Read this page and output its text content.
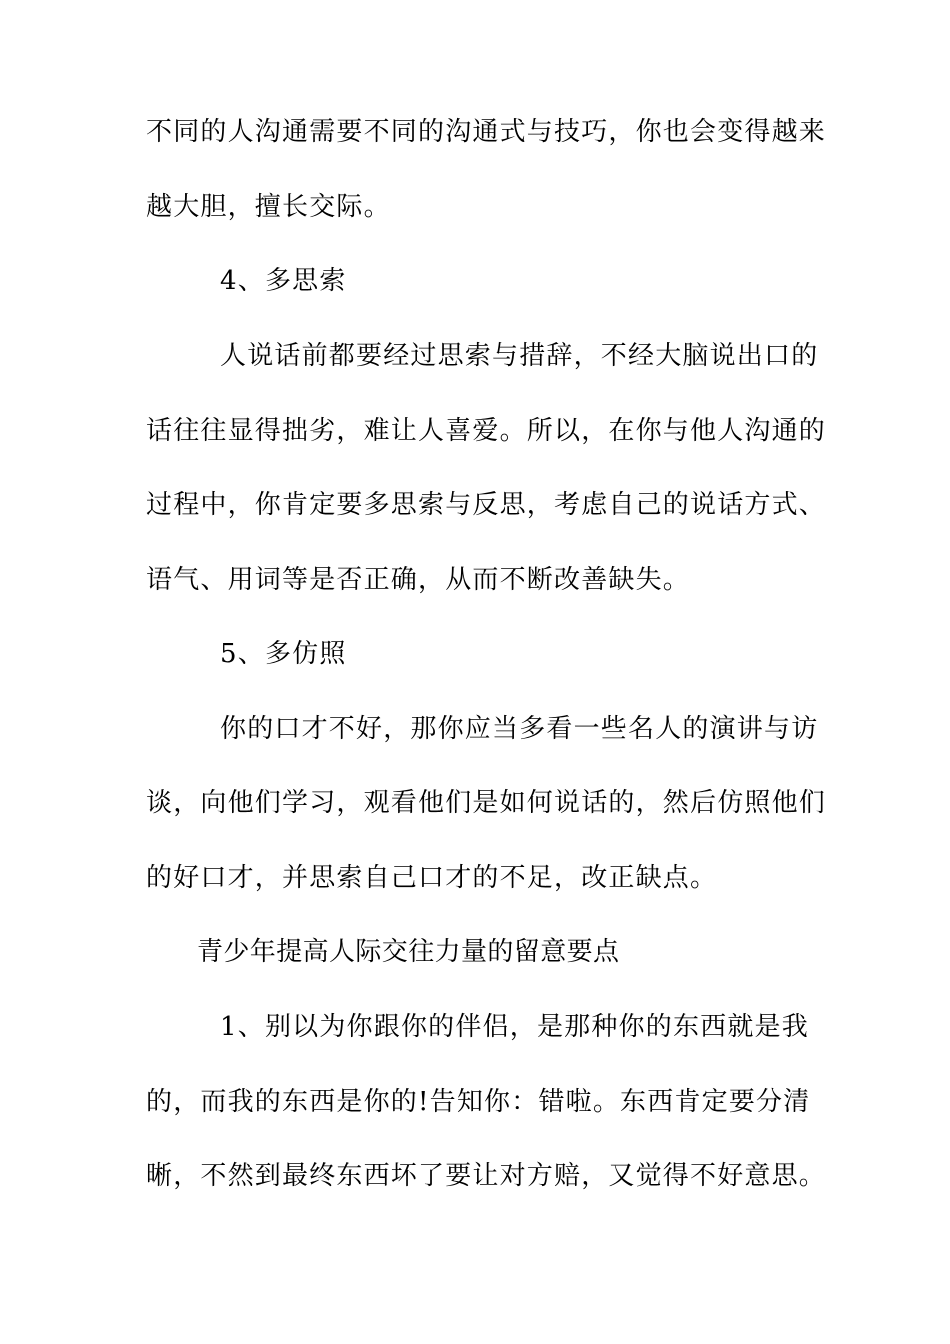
不同的人沟通需要不同的沟通式与技巧，你也会变得越来
越大胆，擅长交际。
4、多思索
人说话前都要经过思索与措辞，不经大脑说出口的
话往往显得拙劣，难让人喜爱。所以，在你与他人沟通的
过程中，你肯定要多思索与反思，考虑自己的说话方式、
语气、用词等是否正确，从而不断改善缺失。
5、多仿照
你的口才不好，那你应当多看一些名人的演讲与访
谈，向他们学习，观看他们是如何说话的，然后仿照他们
的好口才，并思索自己口才的不足，改正缺点。
青少年提高人际交往力量的留意要点
1、别以为你跟你的伴侣，是那种你的东西就是我
的，而我的东西是你的!告知你：错啦。东西肯定要分清
晰，不然到最终东西坏了要让对方赔，又觉得不好意思。
